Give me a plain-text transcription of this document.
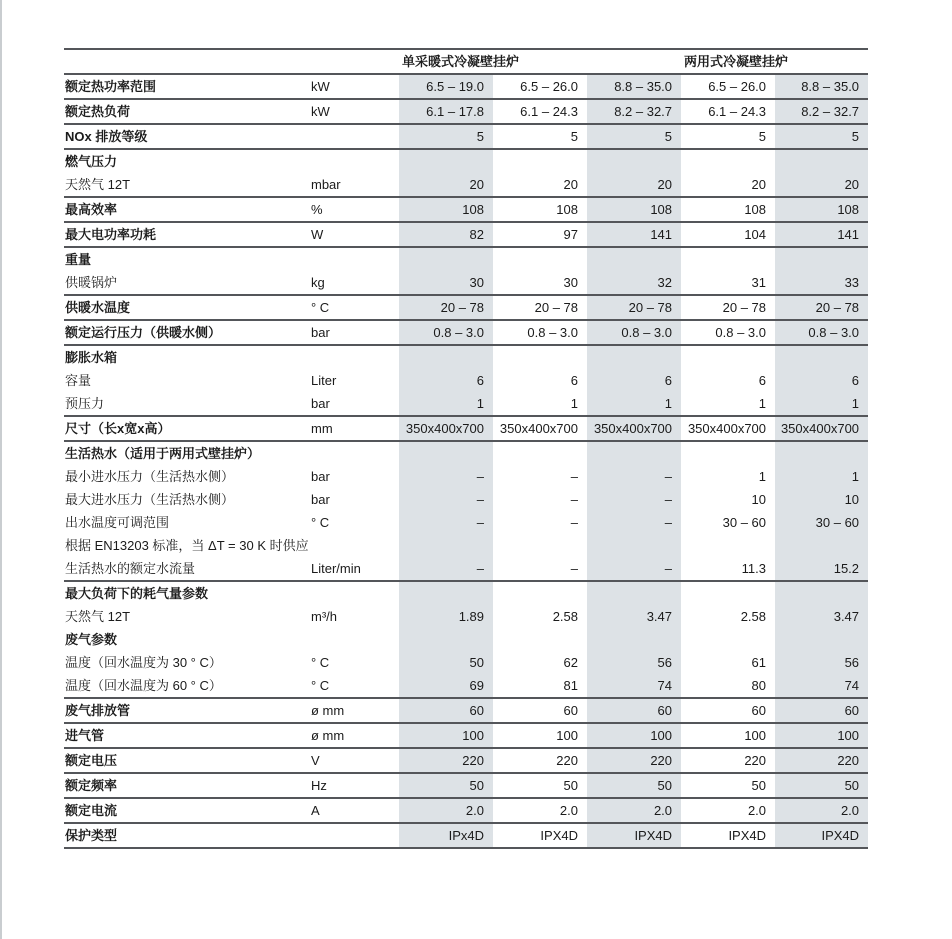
		单采暖式冷凝壁挂炉			两用式冷凝壁挂炉	
额定热功率范围	kW	6.5 – 19.0	6.5 – 26.0	8.8 – 35.0	6.5 – 26.0	8.8 – 35.0
额定热负荷	kW	6.1 – 17.8	6.1 – 24.3	8.2 – 32.7	6.1 – 24.3	8.2 – 32.7
NOx 排放等级		5	5	5	5	5
燃气压力						
天然气 12T	mbar	20	20	20	20	20
最高效率	%	108	108	108	108	108
最大电功率功耗	W	82	97	141	104	141
重量						
供暖锅炉	kg	30	30	32	31	33
供暖水温度	° C	20 – 78	20 – 78	20 – 78	20 – 78	20 – 78
额定运行压力（供暖水侧）	bar	0.8 – 3.0	0.8 – 3.0	0.8 – 3.0	0.8 – 3.0	0.8 – 3.0
膨胀水箱						
容量	Liter	6	6	6	6	6
预压力	bar	1	1	1	1	1
尺寸（长x宽x高）	mm	350x400x700	350x400x700	350x400x700	350x400x700	350x400x700
生活热水（适用于两用式壁挂炉）						
最小进水压力（生活热水侧）	bar	–	–	–	1	1
最大进水压力（生活热水侧）	bar	–	–	–	10	10
出水温度可调范围	° C	–	–	–	30 – 60	30 – 60
根据 EN13203 标准，当 ΔT = 30 K 时供应						
生活热水的额定水流量	Liter/min	–	–	–	11.3	15.2
最大负荷下的耗气量参数						
天然气 12T	m³/h	1.89	2.58	3.47	2.58	3.47
废气参数						
温度（回水温度为 30 ° C）	° C	50	62	56	61	56
温度（回水温度为 60 ° C）	° C	69	81	74	80	74
废气排放管	ø mm	60	60	60	60	60
进气管	ø mm	100	100	100	100	100
额定电压	V	220	220	220	220	220
额定频率	Hz	50	50	50	50	50
额定电流	A	2.0	2.0	2.0	2.0	2.0
保护类型		IPx4D	IPX4D	IPX4D	IPX4D	IPX4D
